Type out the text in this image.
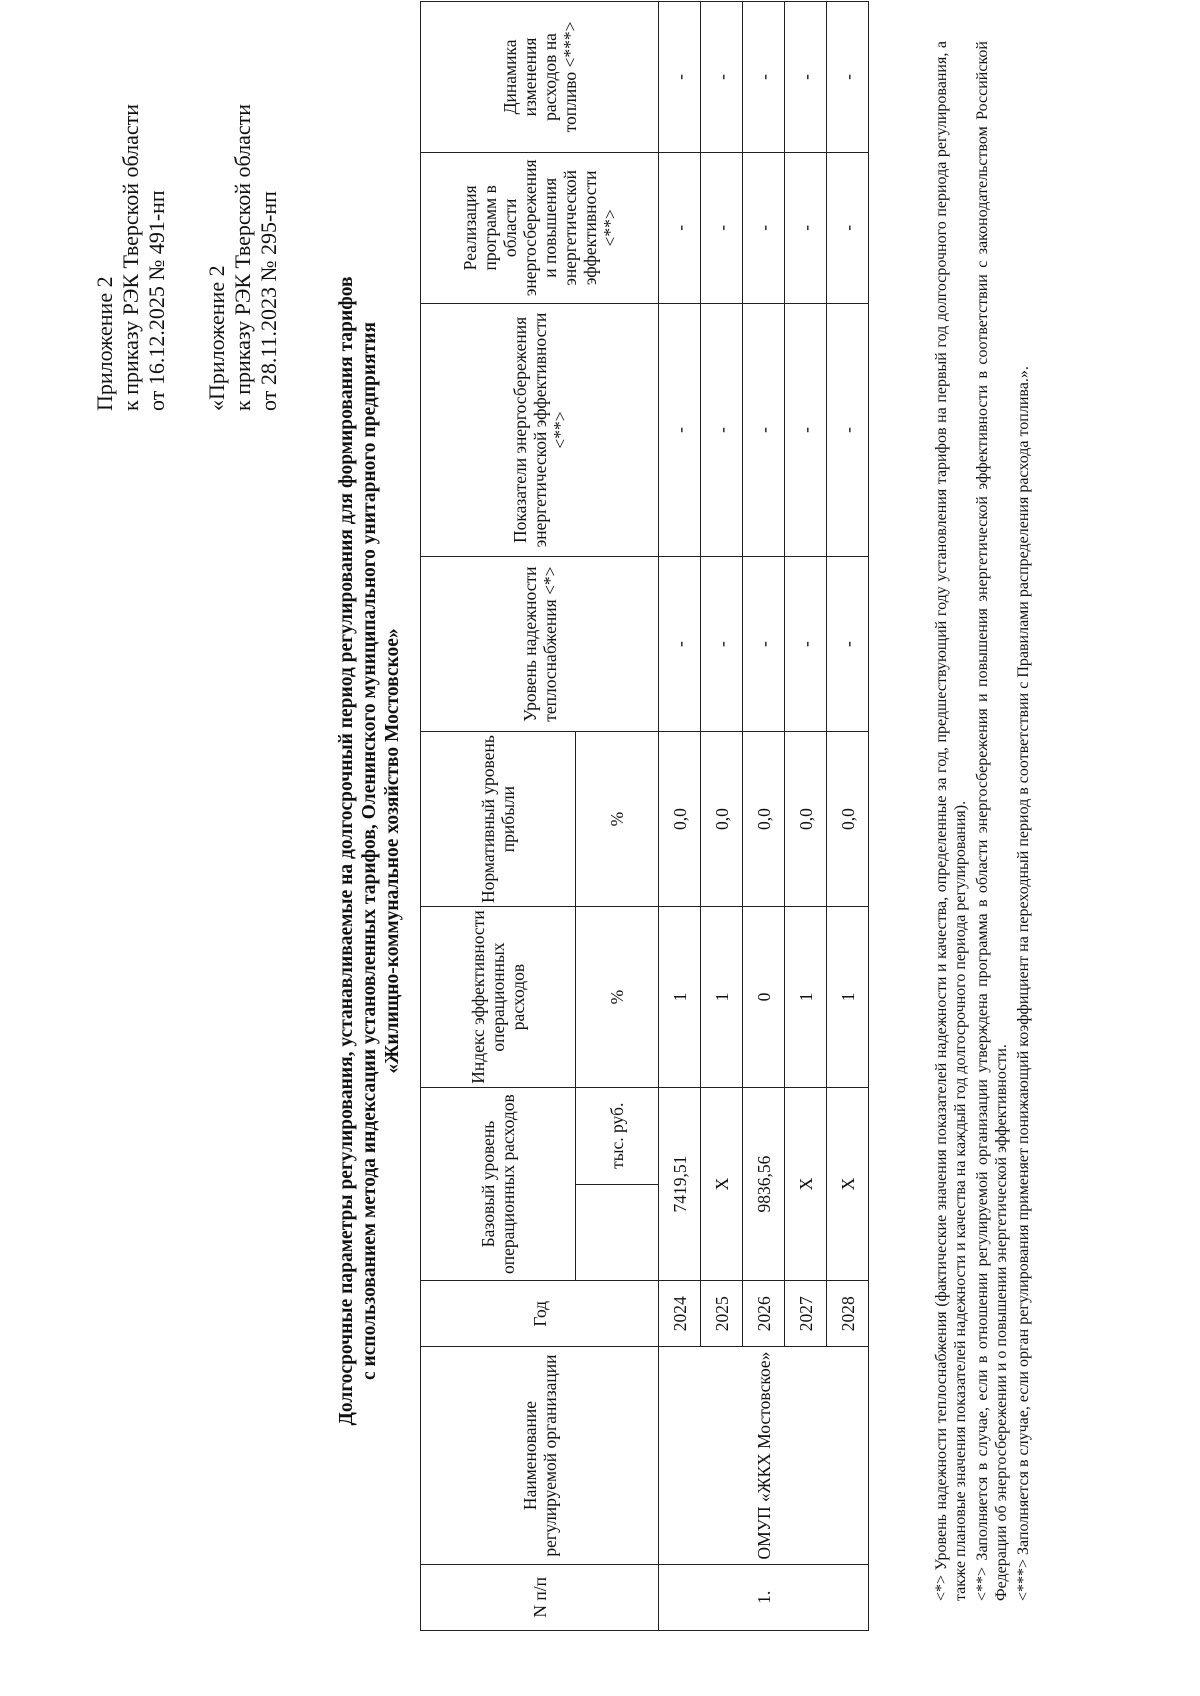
Приложение 2 к приказу РЭК Тверской области от 16.12.2025 № 491-нп «Приложение 2 к приказу РЭК Тверской области от 28.11.2023 № 295-нп	Долгосрочные параметры регулирования, устанавливаемые на долгосрочный период регулирования для формирования тарифов с использованием метода индексации установленных тарифов, Оленинского муниципального унитарного предприятия «Жилищно-коммунальное хозяйство Мостовское»
N п/п	Наименование регулируемой организации	Год	Базовый уровень операционных расходов		Индекс эффективности операционных расходов	Нормативный уровень прибыли	Уровень надежности теплоснабжения <*>	Показатели энергосбережения энергетической эффективности <**>	Реализация программ в области энергосбережения и повышения энергетической эффективности <**>	Динамика изменения расходов на топливо <***>
				тыс. руб.	%	%				
1.	ОМУП «ЖКХ Мостовское»	2024	7419,51		1	0,0	-	-	-	-
		2025	Х		1	0,0	-	-	-	-
		2026	9836,56		0	0,0	-	-	-	-
		2027	Х		1	0,0	-	-	-	-
		2028	Х		1	0,0	-	-	-	-	<*> Уровень надежности теплоснабжения (фактические значения показателей надежности и качества, определенные за год, предшествующий году установления тарифов на первый год долгосрочного периода регулирования, а также плановые значения показателей надежности и качества на каждый год долгосрочного периода регулирования). <**> Заполняется в случае, если в отношении регулируемой организации утверждена программа в области энергосбережения и повышения энергетической эффективности в соответствии с законодательством Российской Федерации об энергосбережении и о повышении энергетической эффективности. <***> Заполняется в случае, если орган регулирования применяет понижающий коэффициент на переходный период в соответствии с Правилами распределения расхода топлива.».
